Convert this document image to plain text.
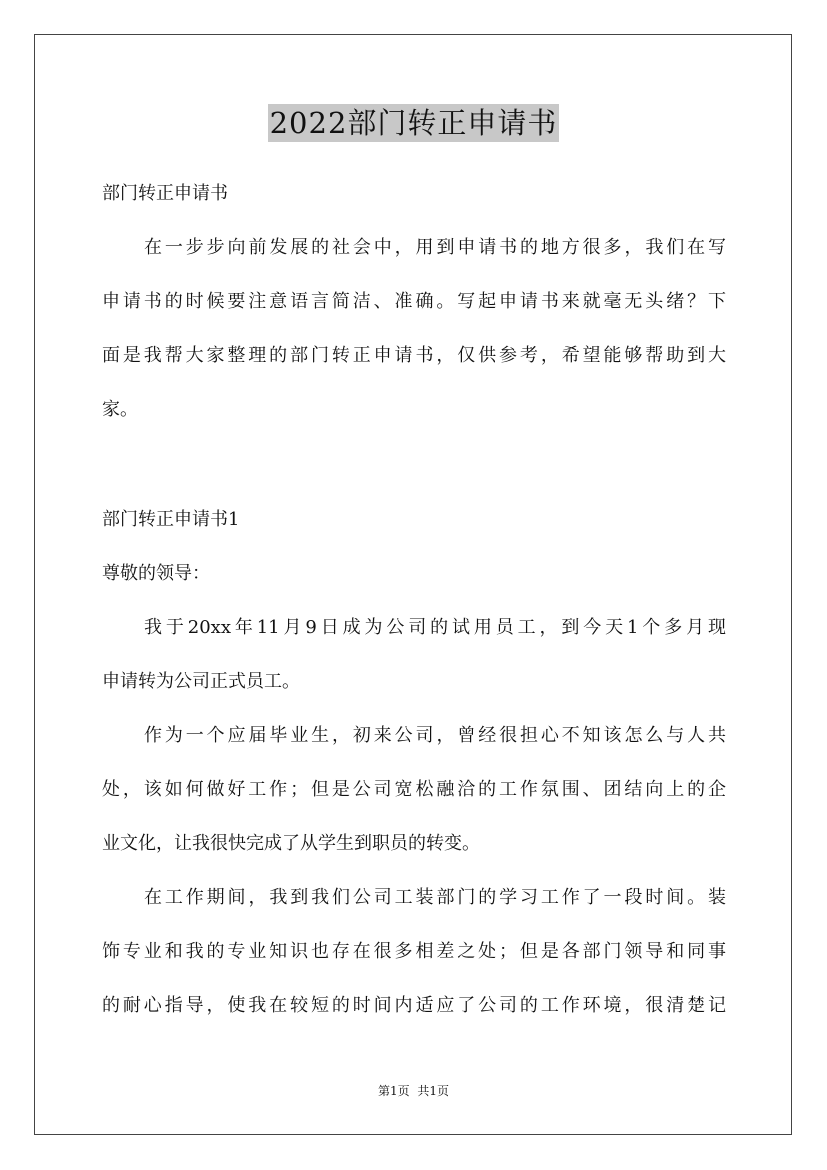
2022部门转正申请书
部门转正申请书
在一步步向前发展的社会中，用到申请书的地方很多，我们在写
申请书的时候要注意语言简洁、准确。写起申请书来就毫无头绪？下
面是我帮大家整理的部门转正申请书，仅供参考，希望能够帮助到大
家。
部门转正申请书1
尊敬的领导：
我于20xx年11月9日成为公司的试用员工，到今天1个多月现
申请转为公司正式员工。
作为一个应届毕业生，初来公司，曾经很担心不知该怎么与人共
处，该如何做好工作；但是公司宽松融洽的工作氛围、团结向上的企
业文化，让我很快完成了从学生到职员的转变。
在工作期间，我到我们公司工装部门的学习工作了一段时间。装
饰专业和我的专业知识也存在很多相差之处；但是各部门领导和同事
的耐心指导，使我在较短的时间内适应了公司的工作环境，很清楚记
第1页 共1页
